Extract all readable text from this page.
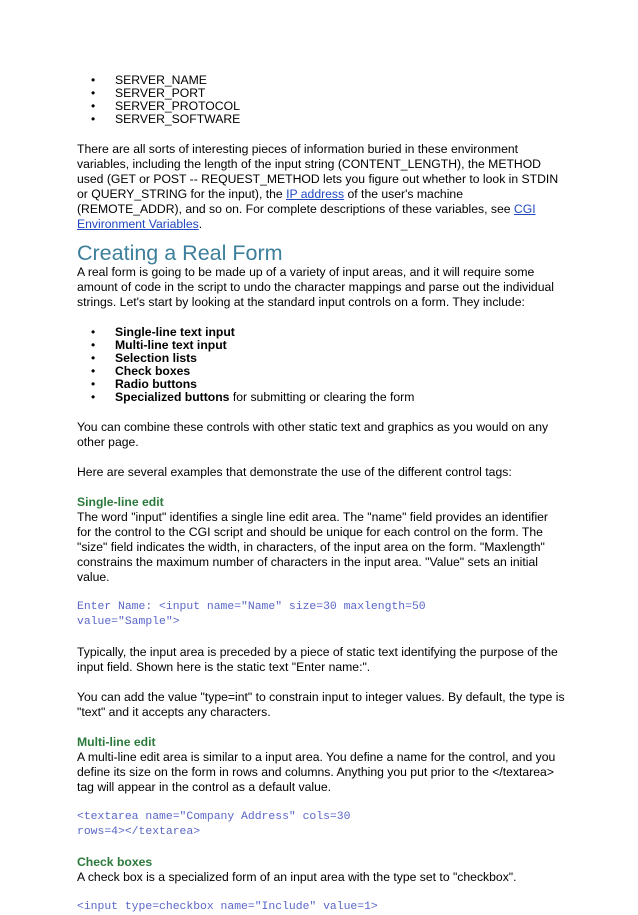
• SERVER_NAME
• SERVER_PORT
• SERVER_PROTOCOL
• SERVER_SOFTWARE

There are all sorts of interesting pieces of information buried in these environment variables, including the length of the input string (CONTENT_LENGTH), the METHOD used (GET or POST -- REQUEST_METHOD lets you figure out whether to look in STDIN or QUERY_STRING for the input), the IP address of the user's machine (REMOTE_ADDR), and so on. For complete descriptions of these variables, see CGI Environment Variables.

Creating a Real Form

A real form is going to be made up of a variety of input areas, and it will require some amount of code in the script to undo the character mappings and parse out the individual strings. Let's start by looking at the standard input controls on a form. They include:

• Single-line text input
• Multi-line text input
• Selection lists
• Check boxes
• Radio buttons
• Specialized buttons for submitting or clearing the form

You can combine these controls with other static text and graphics as you would on any other page.

Here are several examples that demonstrate the use of the different control tags:

Single-line edit

The word "input" identifies a single line edit area. The "name" field provides an identifier for the control to the CGI script and should be unique for each control on the form. The "size" field indicates the width, in characters, of the input area on the form. "Maxlength" constrains the maximum number of characters in the input area. "Value" sets an initial value.

Enter Name: <input name="Name" size=30 maxlength=50
value="Sample">

Typically, the input area is preceded by a piece of static text identifying the purpose of the input field. Shown here is the static text "Enter name:".

You can add the value "type=int" to constrain input to integer values. By default, the type is "text" and it accepts any characters.

Multi-line edit

A multi-line edit area is similar to a input area. You define a name for the control, and you define its size on the form in rows and columns. Anything you put prior to the </textarea> tag will appear in the control as a default value.

<textarea name="Company Address" cols=30
rows=4></textarea>
Check boxes

A check box is a specialized form of an input area with the type set to "checkbox".

<input type=checkbox name="Include" value=1>
